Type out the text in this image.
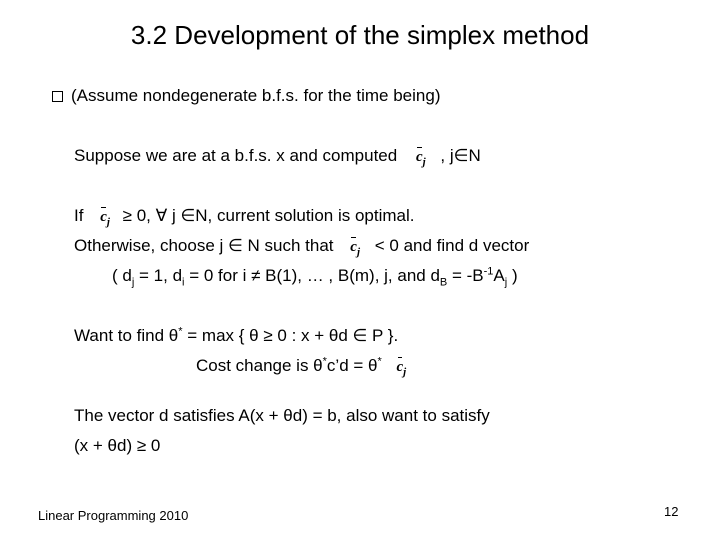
3.2 Development of the simplex method
(Assume nondegenerate b.f.s. for the time being)
Suppose we are at a b.f.s. x and computed $c_j$ , j∈N
If $c_j \ge 0$, ∀ j ∈N, current solution is optimal.
Otherwise, choose j ∈ N such that $c_j < 0$ and find d vector
( $d_j = 1$, $d_i = 0$ for i ≠ B(1), … , B(m), j, and $d_B = -B^{-1}A_j$ )
Want to find θ* = max { θ ≥ 0 : x + θd ∈ P }.
Cost change is θ*c’d = θ* $c_j$
The vector d satisfies A(x + θd) = b, also want to satisfy
(x + θd) ≥ 0
Linear Programming 2010	12
